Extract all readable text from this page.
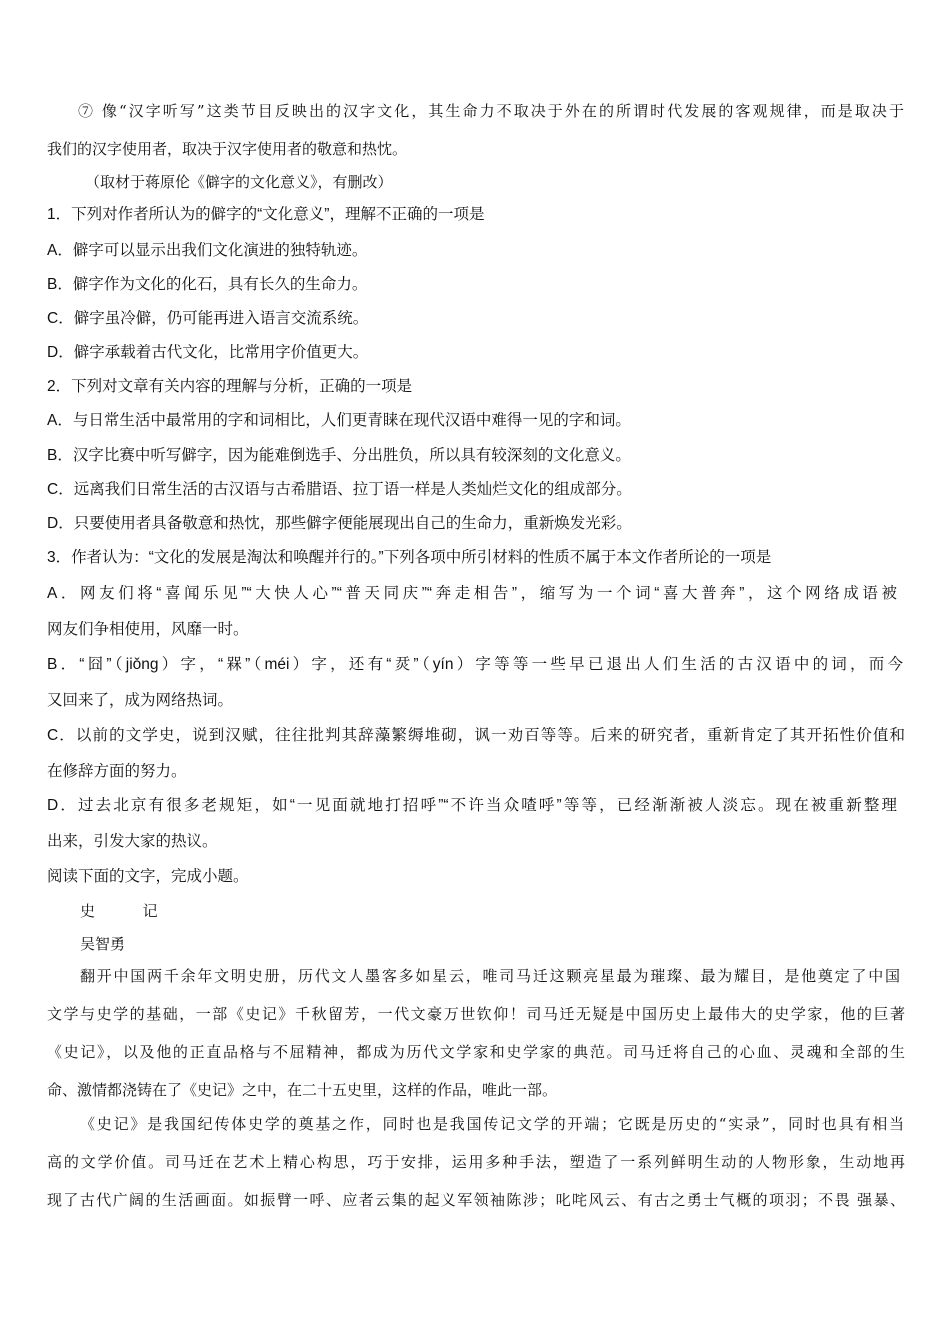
⑦ 像“汉字听写”这类节目反映出的汉字文化，其生命力不取决于外在的所谓时代发展的客观规律，而是取决于
我们的汉字使用者，取决于汉字使用者的敬意和热忱。
（取材于蒋原伦《僻字的文化意义》，有删改）
1．下列对作者所认为的僻字的“文化意义”，理解不正确的一项是
A．僻字可以显示出我们文化演进的独特轨迹。
B．僻字作为文化的化石，具有长久的生命力。
C．僻字虽冷僻，仍可能再进入语言交流系统。
D．僻字承载着古代文化，比常用字价值更大。
2．下列对文章有关内容的理解与分析，正确的一项是
A．与日常生活中最常用的字和词相比，人们更青睐在现代汉语中难得一见的字和词。
B．汉字比赛中听写僻字，因为能难倒选手、分出胜负，所以具有较深刻的文化意义。
C．远离我们日常生活的古汉语与古希腊语、拉丁语一样是人类灿烂文化的组成部分。
D．只要使用者具备敬意和热忱，那些僻字便能展现出自己的生命力，重新焕发光彩。
3．作者认为：“文化的发展是淘汰和唤醒并行的。”下列各项中所引材料的性质不属于本文作者所论的一项是
A．网友们将“喜闻乐见”“大快人心”“普天同庆”“奔走相告”，缩写为一个词“喜大普奔”，这个网络成语被
网友们争相使用，风靡一时。
B．“囧”（jiǒng）字，“槑”（méi）字，还有“烎”（yín）字等等一些早已退出人们生活的古汉语中的词，而今
又回来了，成为网络热词。
C．以前的文学史，说到汉赋，往往批判其辞藻繁缛堆砌，讽一劝百等等。后来的研究者，重新肯定了其开拓性价值和
在修辞方面的努力。
D．过去北京有很多老规矩，如“一见面就地打招呼”“不许当众喳呼”等等，已经渐渐被人淡忘。现在被重新整理
出来，引发大家的热议。
阅读下面的文字，完成小题。
史          记
吴智勇
翻开中国两千余年文明史册，历代文人墨客多如星云，唯司马迁这颗亮星最为璀璨、最为耀目，是他奠定了中国
文学与史学的基础，一部《史记》千秋留芳，一代文豪万世钦仰！司马迁无疑是中国历史上最伟大的史学家，他的巨著
《史记》，以及他的正直品格与不屈精神，都成为历代文学家和史学家的典范。司马迁将自己的心血、灵魂和全部的生
命、激情都浇铸在了《史记》之中，在二十五史里，这样的作品，唯此一部。
《史记》是我国纪传体史学的奠基之作，同时也是我国传记文学的开端；它既是历史的“实录”，同时也具有相当
高的文学价值。司马迁在艺术上精心构思，巧于安排，运用多种手法，塑造了一系列鲜明生动的人物形象，生动地再
现了古代广阔的生活画面。如振臂一呼、应者云集的起义军领袖陈涉；叱咤风云、有古之勇士气概的项羽；不畏 强暴、
